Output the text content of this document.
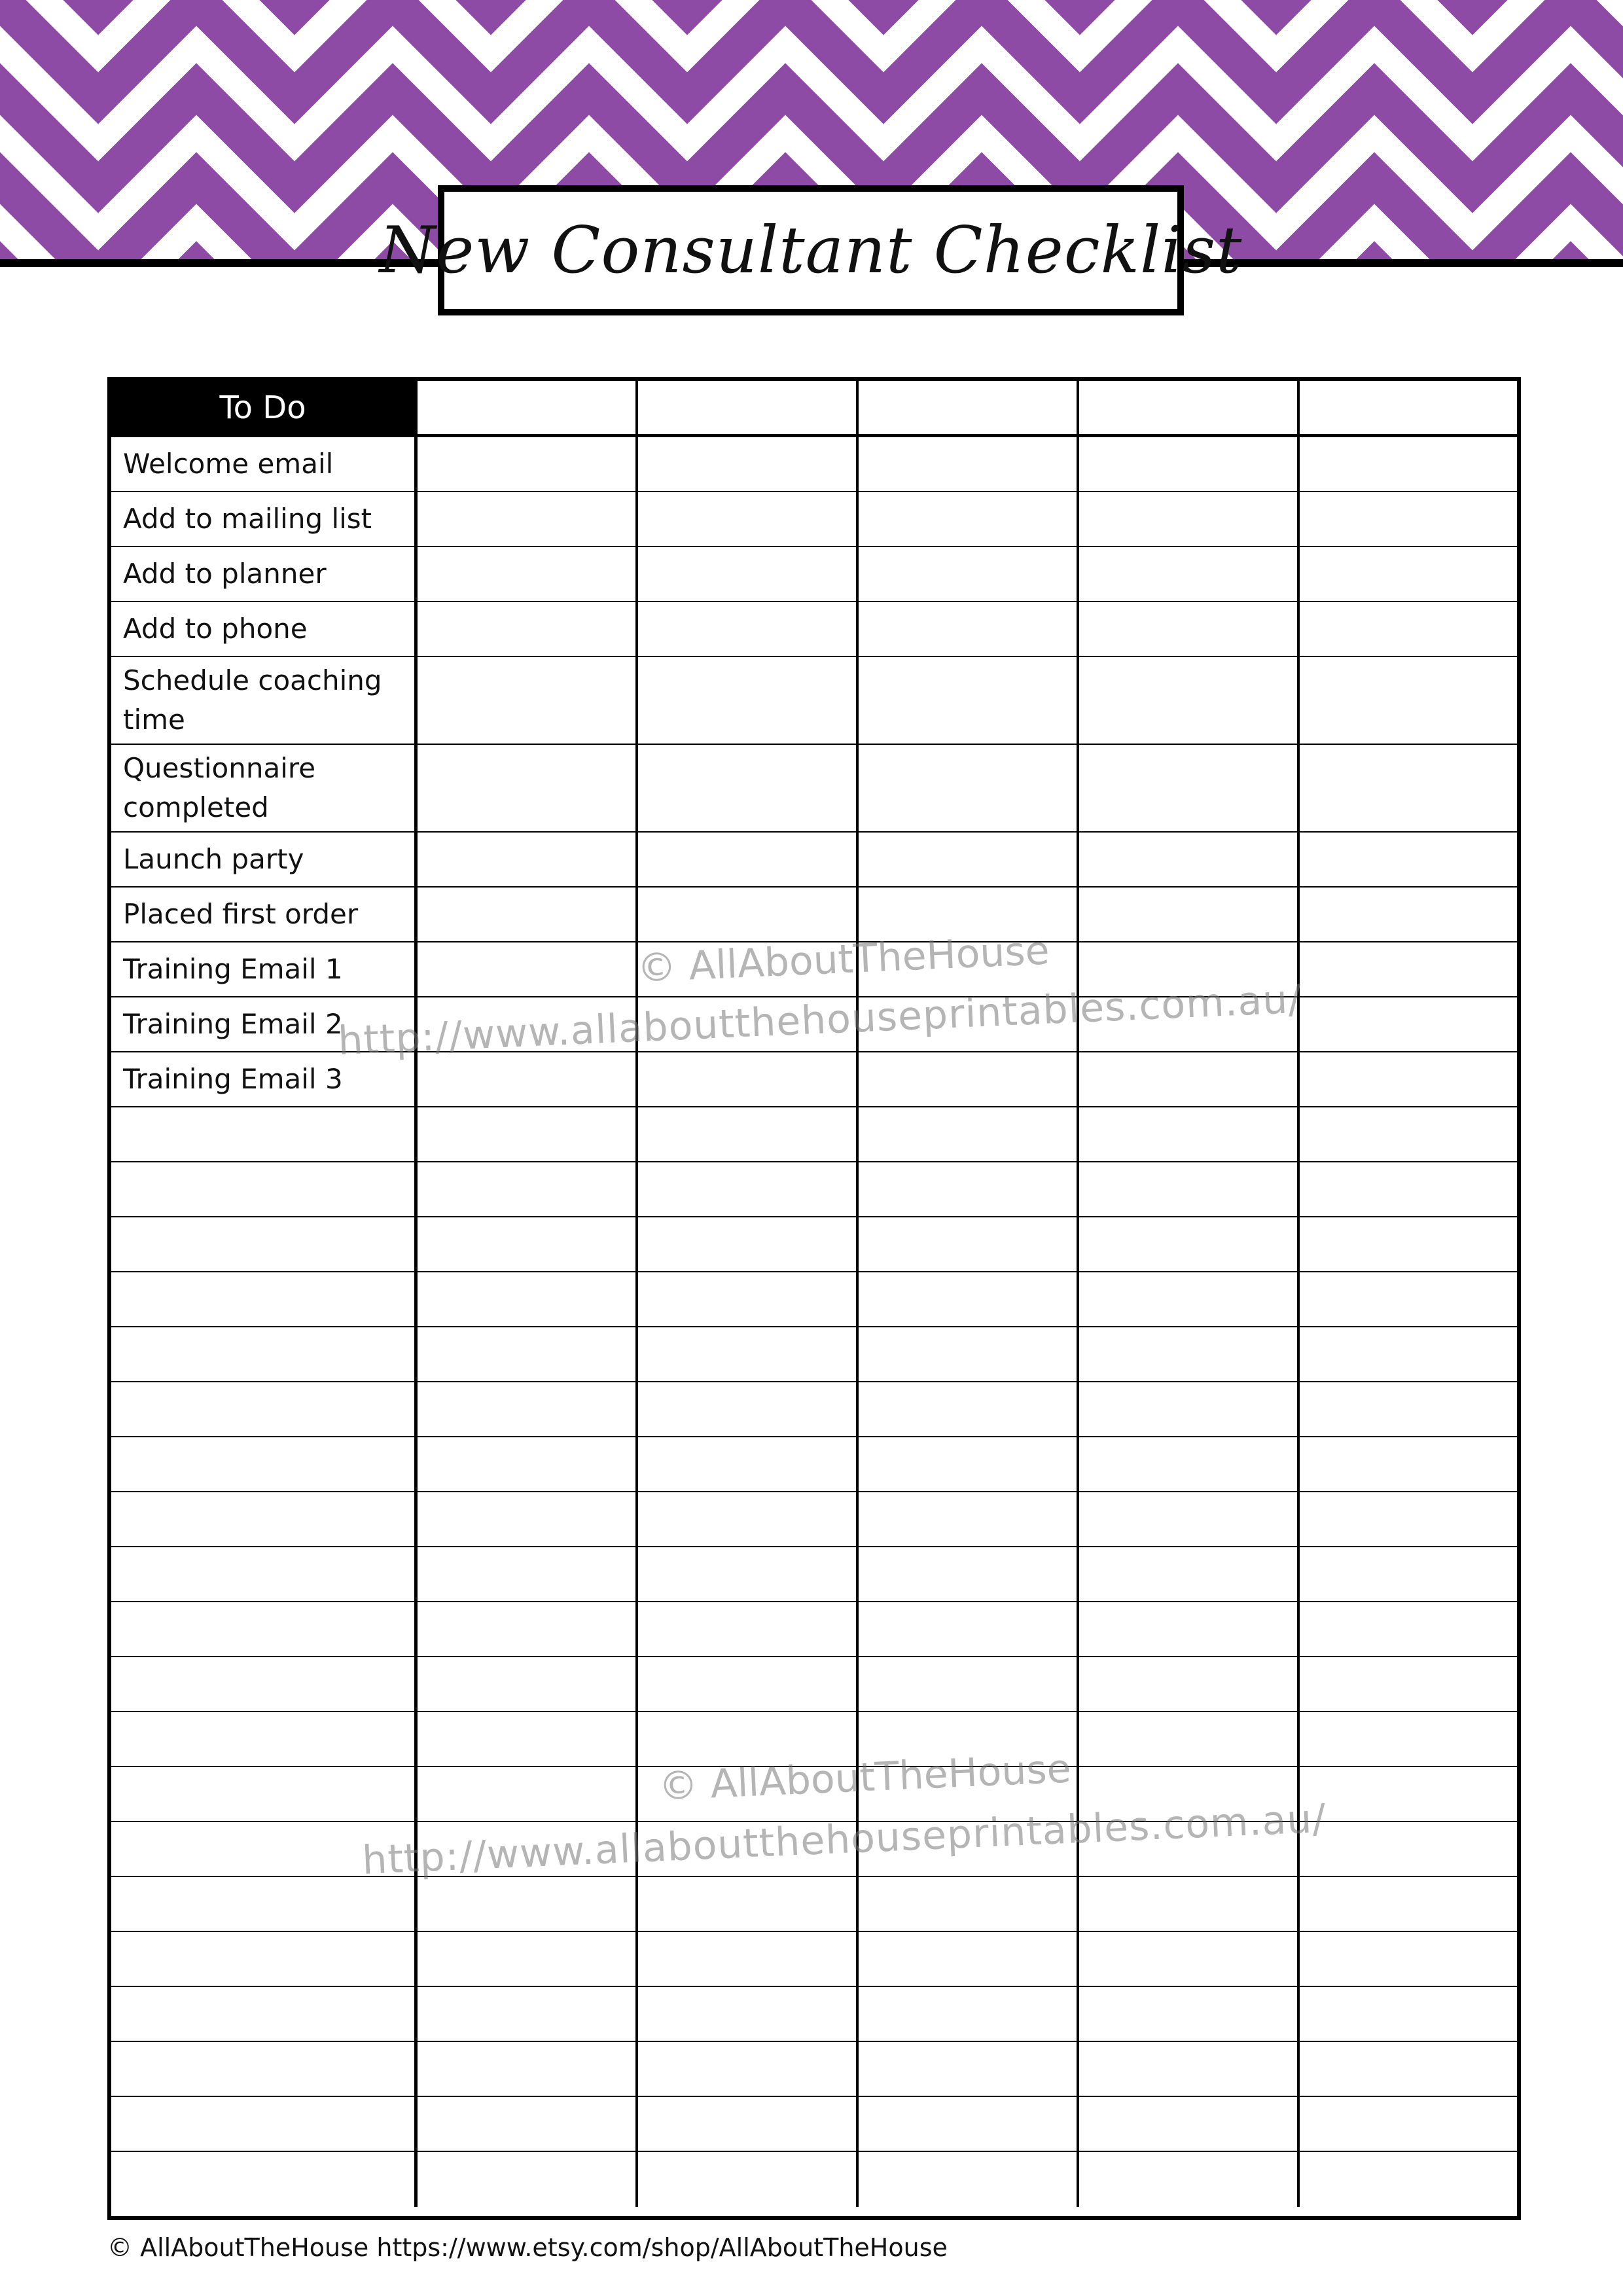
New Consultant Checklist
To Do
Welcome email
Add to mailing list
Add to planner
Add to phone
Schedule coaching time
Questionnaire completed
Launch party
Placed first order
Training Email 1
Training Email 2
Training Email 3
© AllAboutTheHouse
http://www.allaboutthehouseprintables.com.au/
© AllAboutTheHouse
http://www.allaboutthehouseprintables.com.au/
© AllAboutTheHouse https://www.etsy.com/shop/AllAboutTheHouse
